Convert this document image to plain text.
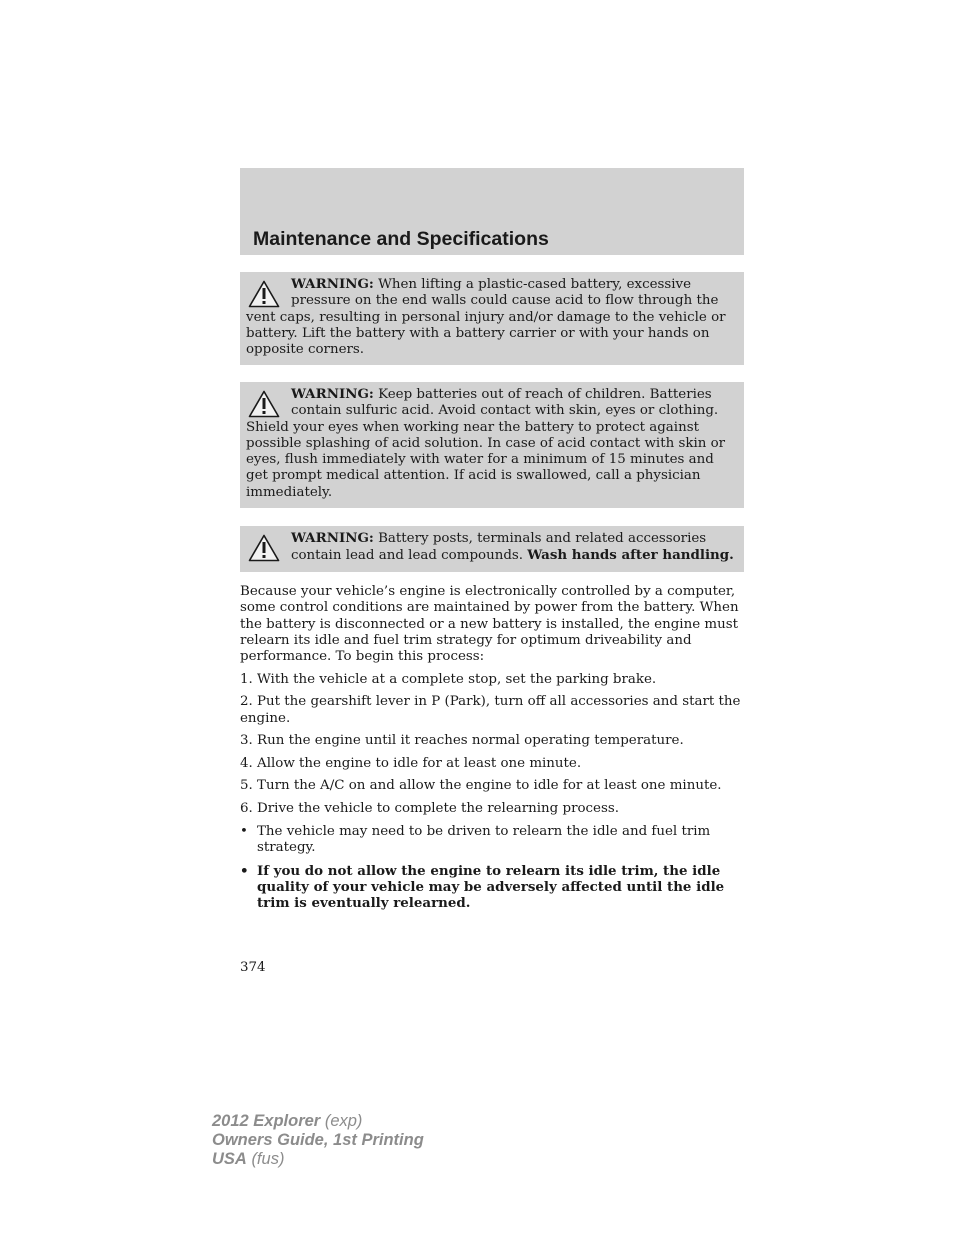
Maintenance and Specifications

WARNING: When lifting a plastic-cased battery, excessive pressure on the end walls could cause acid to flow through the vent caps, resulting in personal injury and/or damage to the vehicle or battery. Lift the battery with a battery carrier or with your hands on opposite corners.

WARNING: Keep batteries out of reach of children. Batteries contain sulfuric acid. Avoid contact with skin, eyes or clothing. Shield your eyes when working near the battery to protect against possible splashing of acid solution. In case of acid contact with skin or eyes, flush immediately with water for a minimum of 15 minutes and get prompt medical attention. If acid is swallowed, call a physician immediately.

WARNING: Battery posts, terminals and related accessories contain lead and lead compounds. Wash hands after handling.

Because your vehicle’s engine is electronically controlled by a computer, some control conditions are maintained by power from the battery. When the battery is disconnected or a new battery is installed, the engine must relearn its idle and fuel trim strategy for optimum driveability and performance. To begin this process:

1. With the vehicle at a complete stop, set the parking brake.

2. Put the gearshift lever in P (Park), turn off all accessories and start the engine.

3. Run the engine until it reaches normal operating temperature.

4. Allow the engine to idle for at least one minute.

5. Turn the A/C on and allow the engine to idle for at least one minute.

6. Drive the vehicle to complete the relearning process.

• The vehicle may need to be driven to relearn the idle and fuel trim strategy.
• If you do not allow the engine to relearn its idle trim, the idle quality of your vehicle may be adversely affected until the idle trim is eventually relearned.
374
2012 Explorer (exp)
Owners Guide, 1st Printing
USA (fus)
